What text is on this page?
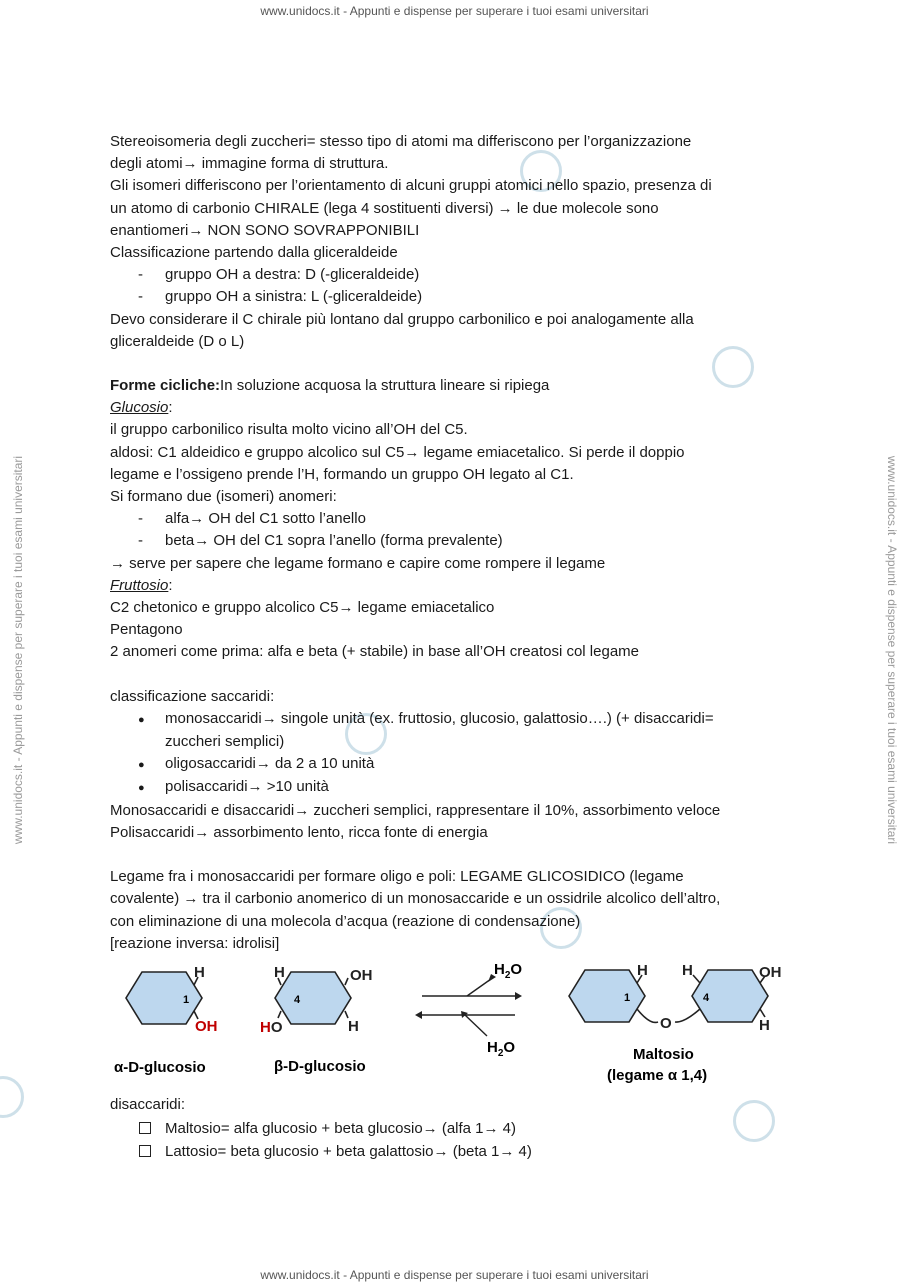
www.unidocs.it - Appunti e dispense per superare i tuoi esami universitari
www.unidocs.it - Appunti e dispense per superare i tuoi esami universitari
www.unidocs.it - Appunti e dispense per superare i tuoi esami universitari	www.unidocs.it - Appunti e dispense per superare i tuoi esami universitari
Stereoisomeria degli zuccheri= stesso tipo di atomi ma differiscono per l’organizzazione
degli atomi→ immagine forma di struttura.
Gli isomeri differiscono per l’orientamento di alcuni gruppi atomici nello spazio, presenza di
un atomo di carbonio CHIRALE (lega 4 sostituenti diversi) → le due molecole sono
enantiomeri→ NON SONO SOVRAPPONIBILI
Classificazione partendo dalla gliceraldeide
- gruppo OH a destra: D (-gliceraldeide)
- gruppo OH a sinistra: L (-gliceraldeide)
Devo considerare il C chirale più lontano dal gruppo carbonilico e poi analogamente alla
gliceraldeide (D o L)
Forme cicliche:In soluzione acquosa la struttura lineare si ripiega
Glucosio:
il gruppo carbonilico risulta molto vicino all’OH del C5.
aldosi: C1 aldeidico e gruppo alcolico sul C5→ legame emiacetalico. Si perde il doppio
legame e l’ossigeno prende l’H, formando un gruppo OH legato al C1.
Si formano due (isomeri) anomeri:
- alfa→ OH del C1 sotto l’anello
- beta→ OH del C1 sopra l’anello (forma prevalente)
→ serve per sapere che legame formano e capire come rompere il legame
Fruttosio:
C2 chetonico e gruppo alcolico C5→ legame emiacetalico
Pentagono
2 anomeri come prima: alfa e beta (+ stabile) in base all’OH creatosi col legame
classificazione saccaridi:
● monosaccaridi→ singole unità (ex. fruttosio, glucosio, galattosio….) (+ disaccaridi=
zuccheri semplici)
● oligosaccaridi→ da 2 a 10 unità
● polisaccaridi→ >10 unità
Monosaccaridi e disaccaridi→ zuccheri semplici, rappresentare il 10%, assorbimento veloce
Polisaccaridi→ assorbimento lento, ricca fonte di energia
Legame fra i monosaccaridi per formare oligo e poli: LEGAME GLICOSIDICO (legame
covalente) → tra il carbonio anomerico di un monosaccaride e un ossidrile alcolico dell’altro,
con eliminazione di una molecola d’acqua (reazione di condensazione)
[reazione inversa: idrolisi]
1
H
OH
α-D-glucosio
4
H
HO
OH
H
β-D-glucosio
$H_2O$
$H_2O$
1
H
O
4
H	OH
H
Maltosio
(legame α 1,4)
disaccaridi:
Maltosio= alfa glucosio + beta glucosio→ (alfa 1→ 4)
Lattosio= beta glucosio + beta galattosio→ (beta 1→ 4)
